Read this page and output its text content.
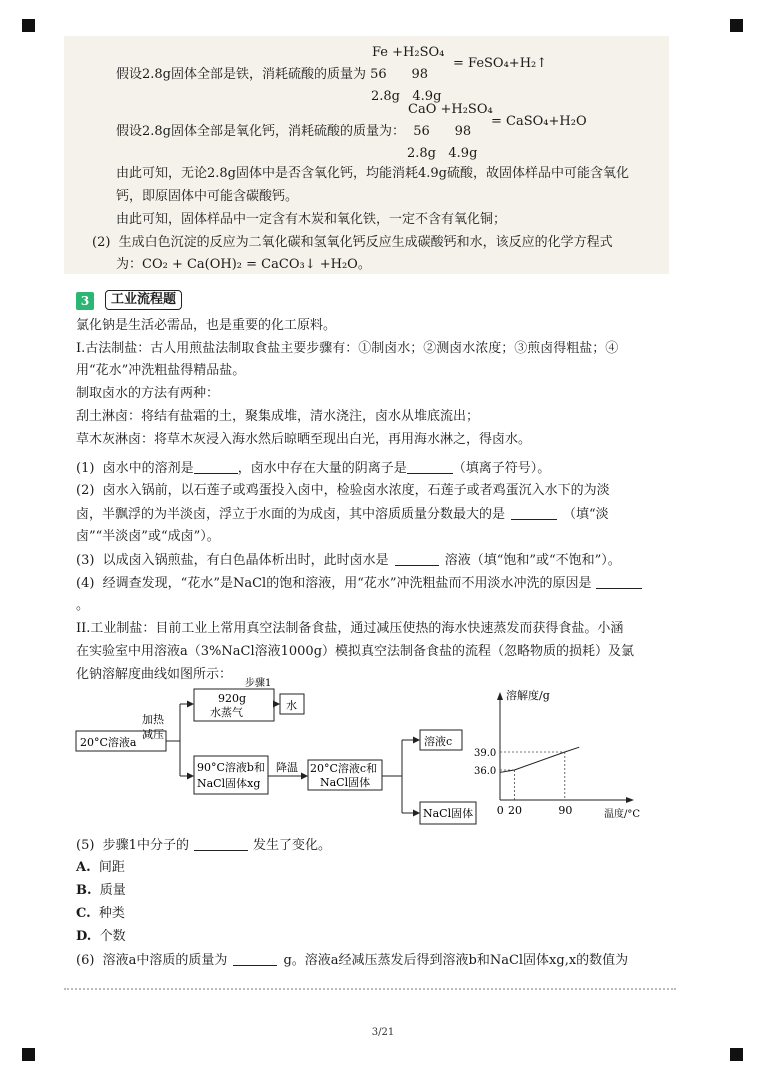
Fe +H₂SO₄
= FeSO₄+H₂↑
假设2.8g固体全部是铁，消耗硫酸的质量为 56      98
2.8g   4.9g
CaO +H₂SO₄
= CaSO₄+H₂O
假设2.8g固体全部是氧化钙，消耗硫酸的质量为：  56      98
2.8g   4.9g
由此可知，无论2.8g固体中是否含氧化钙，均能消耗4.9g硫酸，故固体样品中可能含氧化
钙，即原固体中可能含碳酸钙。
由此可知，固体样品中一定含有木炭和氧化铁，一定不含有氧化铜；
(2)  生成白色沉淀的反应为二氧化碳和氢氧化钙反应生成碳酸钙和水，该反应的化学方程式
为：CO₂ + Ca(OH)₂ = CaCO₃↓ +H₂O。
3	工业流程题
氯化钠是生活必需品，也是重要的化工原料。
I.古法制盐：古人用煎盐法制取食盐主要步骤有：①制卤水；②测卤水浓度；③煎卤得粗盐；④
用“花水”冲洗粗盐得精品盐。
制取卤水的方法有两种：
刮土淋卤：将结有盐霜的土，聚集成堆，清水浇注，卤水从堆底流出；
草木灰淋卤：将草木灰浸入海水然后晾晒至现出白光，再用海水淋之，得卤水。
(1)  卤水中的溶剂是	，卤水中存在大量的阴离子是	（填离子符号）。
(2)  卤水入锅前，以石莲子或鸡蛋投入卤中，检验卤水浓度，石莲子或者鸡蛋沉入水下的为淡
卤，半飘浮的为半淡卤，浮立于水面的为成卤，其中溶质质量分数最大的是	（填“淡
卤”“半淡卤”或“成卤”）。
(3)  以成卤入锅煎盐，有白色晶体析出时，此时卤水是	溶液（填“饱和”或“不饱和”）。
(4)  经调查发现，“花水”是NaCl的饱和溶液，用“花水”冲洗粗盐而不用淡水冲洗的原因是
。
II.工业制盐：目前工业上常用真空法制备食盐，通过减压使热的海水快速蒸发而获得食盐。小涵
在实验室中用溶液a（3%NaCl溶液1000g）模拟真空法制备食盐的流程（忽略物质的损耗）及氯
化钠溶解度曲线如图所示：
20°C溶液a
加热
减压
920g
水蒸气
步骤1
水
90°C溶液b和
NaCl固体xg
降温 20°C溶液c和
NaCl固体
溶液c
NaCl固体
溶解度/g
温度/°C
0 20	90
39.0
36.0
(5)  步骤1中分子的	发生了变化。
A. 间距
B. 质量
C. 种类
D. 个数
(6)  溶液a中溶质的质量为	g。溶液a经减压蒸发后得到溶液b和NaCl固体xg,x的数值为
3/21
